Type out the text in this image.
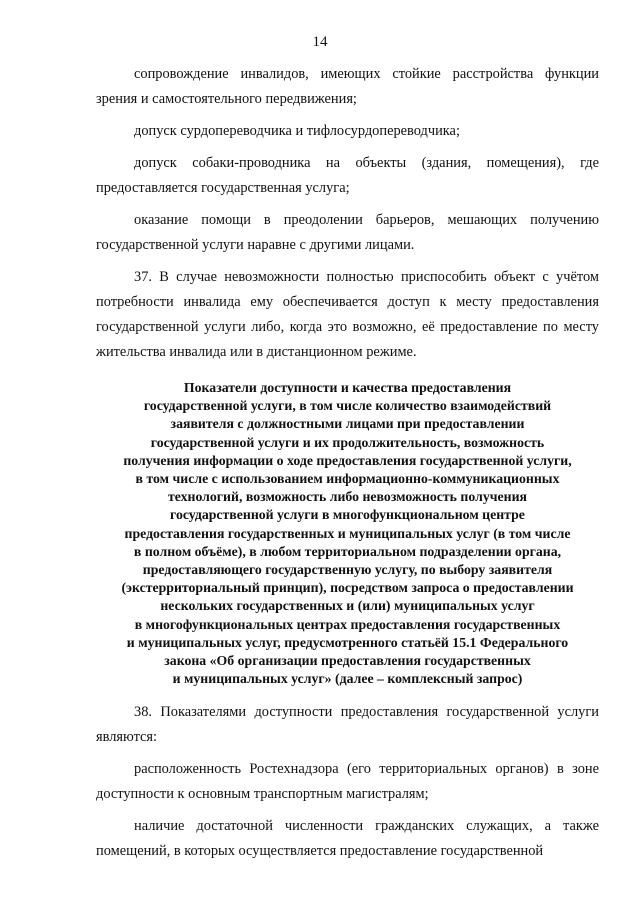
14

сопровождение инвалидов, имеющих стойкие расстройства функции зрения и самостоятельного передвижения;

допуск сурдопереводчика и тифлосурдопереводчика;

допуск собаки-проводника на объекты (здания, помещения), где предоставляется государственная услуга;

оказание помощи в преодолении барьеров, мешающих получению государственной услуги наравне с другими лицами.

37. В случае невозможности полностью приспособить объект с учётом потребности инвалида ему обеспечивается доступ к месту предоставления государственной услуги либо, когда это возможно, её предоставление по месту жительства инвалида или в дистанционном режиме.

Показатели доступности и качества предоставления
государственной услуги, в том числе количество взаимодействий
заявителя с должностными лицами при предоставлении
государственной услуги и их продолжительность, возможность
получения информации о ходе предоставления государственной услуги,
в том числе с использованием информационно-коммуникационных
технологий, возможность либо невозможность получения
государственной услуги в многофункциональном центре
предоставления государственных и муниципальных услуг (в том числе
в полном объёме), в любом территориальном подразделении органа,
предоставляющего государственную услугу, по выбору заявителя
(экстерриториальный принцип), посредством запроса о предоставлении
нескольких государственных и (или) муниципальных услуг
в многофункциональных центрах предоставления государственных
и муниципальных услуг, предусмотренного статьёй 15.1 Федерального
закона «Об организации предоставления государственных
и муниципальных услуг» (далее – комплексный запрос)

38. Показателями доступности предоставления государственной услуги являются:

расположенность Ростехнадзора (его территориальных органов) в зоне доступности к основным транспортным магистралям;

наличие достаточной численности гражданских служащих, а также помещений, в которых осуществляется предоставление государственной
